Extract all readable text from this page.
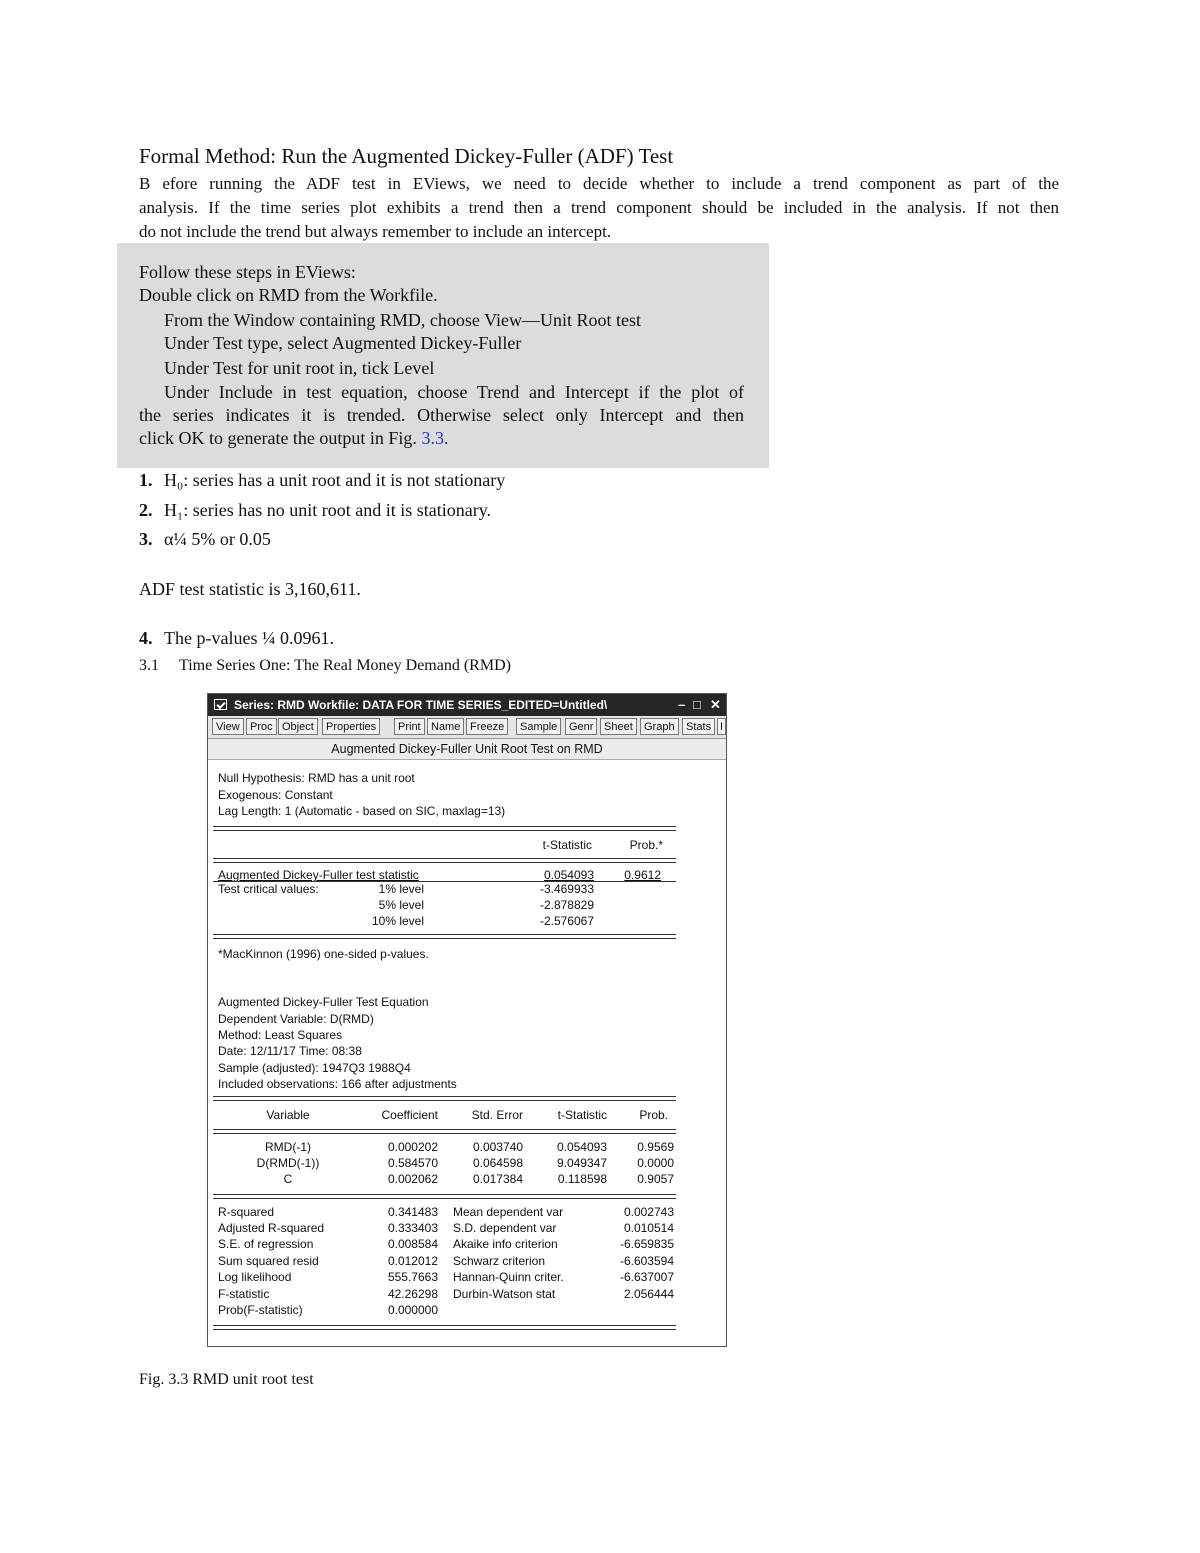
Formal Method: Run the Augmented Dickey-Fuller (ADF) Test
B efore running the ADF test in EViews, we need to decide whether to include a trend component as part of the
analysis. If the time series plot exhibits a trend then a trend component should be included in the analysis. If not then
do not include the trend but always remember to include an intercept.
Follow these steps in EViews:
Double click on RMD from the Workfile.
From the Window containing RMD, choose View—Unit Root test
Under Test type, select Augmented Dickey-Fuller
Under Test for unit root in, tick Level
Under Include in test equation, choose Trend and Intercept if the plot of
the series indicates it is trended. Otherwise select only Intercept and then
click OK to generate the output in Fig. 3.3.
1. H₀: series has a unit root and it is not stationary
2. H₁: series has no unit root and it is stationary.
3. α¼ 5% or 0.05
ADF test statistic is 3,160,611.
4. The p-values ¼ 0.0961.
3.1 Time Series One: The Real Money Demand (RMD)
Series: RMD Workfile: DATA FOR TIME SERIES_EDITED=Untitled\	– □ ✕
View Proc Object	Properties	Print Name Freeze	Sample	Genr Sheet	Graph	Stats I
Augmented Dickey-Fuller Unit Root Test on RMD
Null Hypothesis: RMD has a unit root
Exogenous: Constant
Lag Length: 1 (Automatic - based on SIC, maxlag=13)
t-Statistic	Prob.*
Augmented Dickey-Fuller test statistic	0.054093	0.9612
Test critical values:	1% level	-3.469933
5% level	-2.878829
10% level	-2.576067
*MacKinnon (1996) one-sided p-values.
Augmented Dickey-Fuller Test Equation
Dependent Variable: D(RMD)
Method: Least Squares
Date: 12/11/17 Time: 08:38
Sample (adjusted): 1947Q3 1988Q4
Included observations: 166 after adjustments
Variable	Coefficient	Std. Error	t-Statistic	Prob.
RMD(-1)	0.000202	0.003740	0.054093	0.9569
D(RMD(-1))	0.584570	0.064598	9.049347	0.0000
C	0.002062	0.017384	0.118598	0.9057
R-squared	0.341483 Mean dependent var	0.002743
Adjusted R-squared	0.333403 S.D. dependent var	0.010514
S.E. of regression	0.008584 Akaike info criterion	-6.659835
Sum squared resid	0.012012 Schwarz criterion	-6.603594
Log likelihood	555.7663 Hannan-Quinn criter.	-6.637007
F-statistic	42.26298 Durbin-Watson stat	2.056444
Prob(F-statistic)	0.000000
Fig. 3.3 RMD unit root test
